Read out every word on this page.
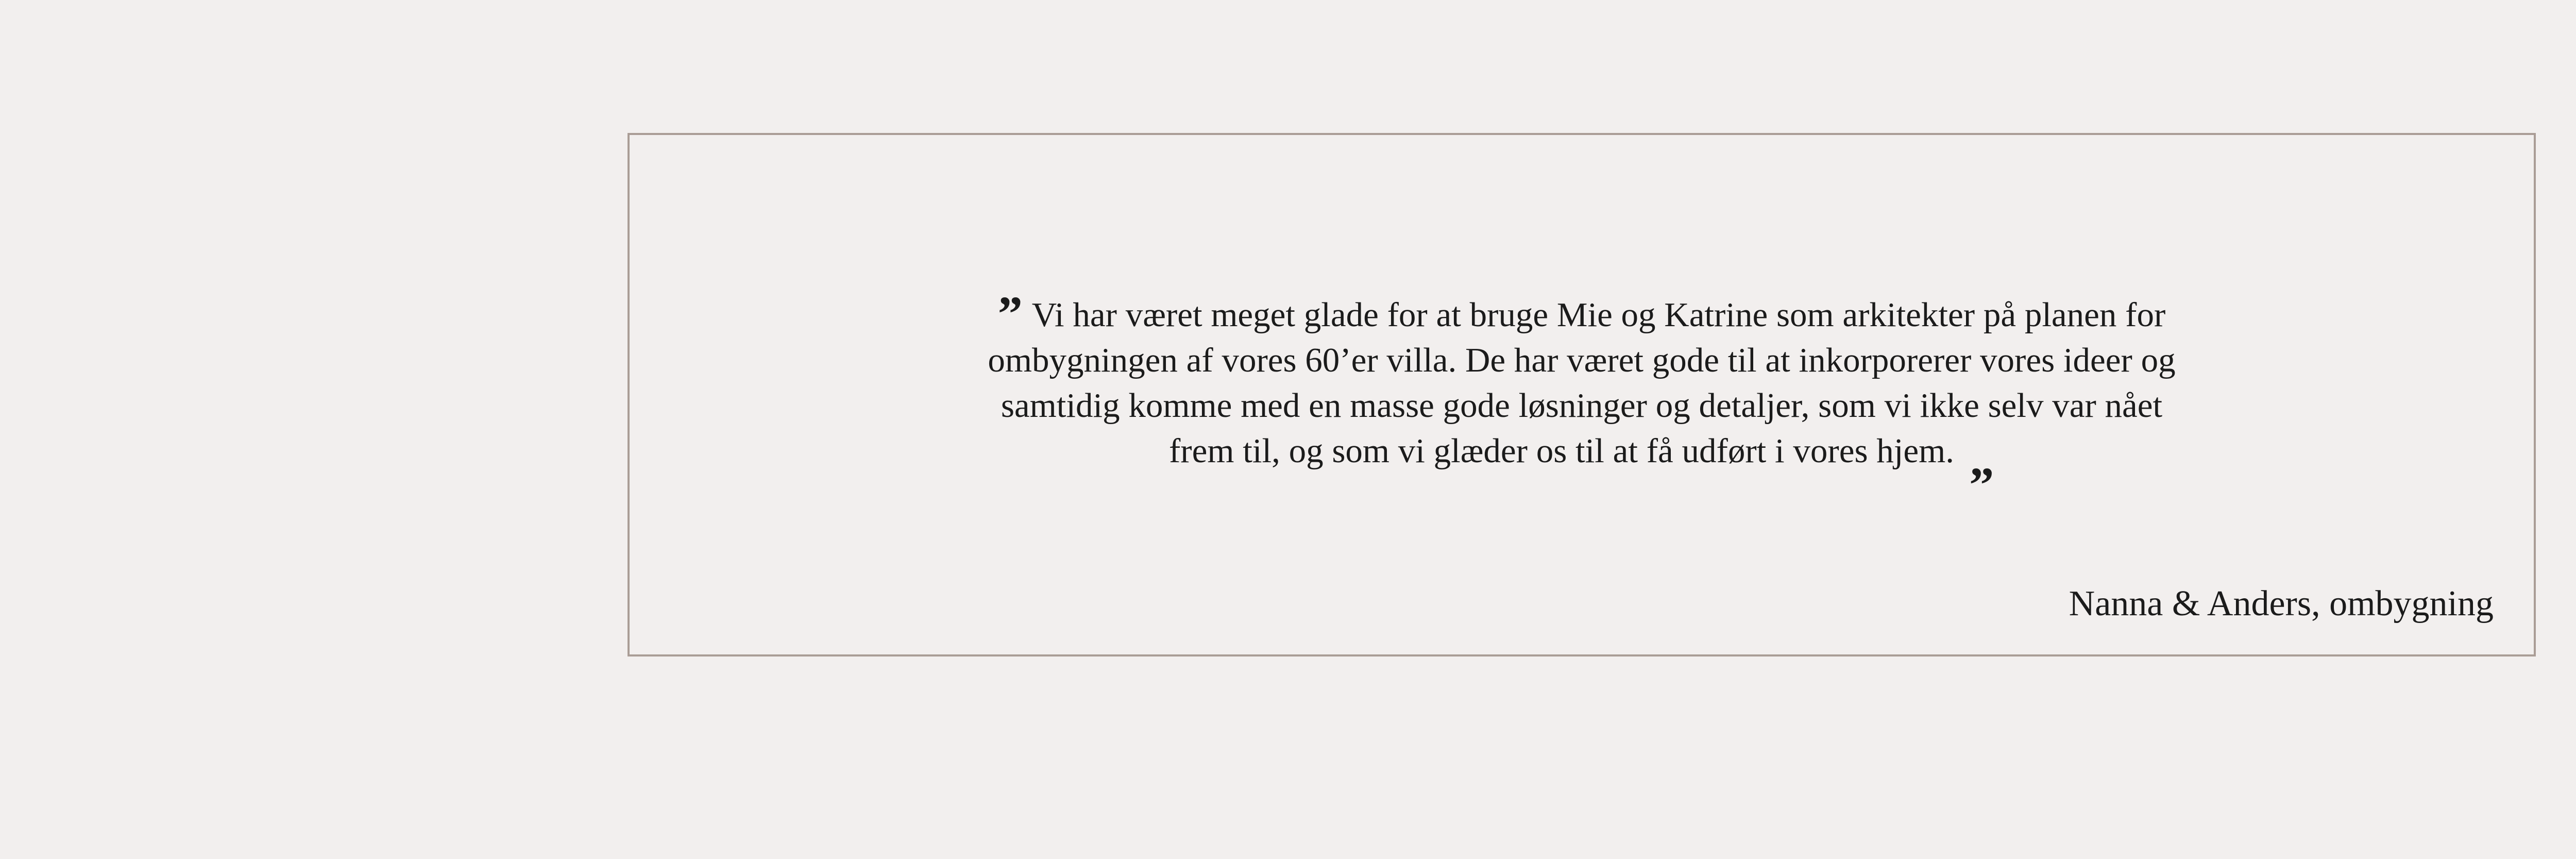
” Vi har været meget glade for at bruge Mie og Katrine som arkitekter på planen for
ombygningen af vores 60’er villa. De har været gode til at inkorporerer vores ideer og
samtidig komme med en masse gode løsninger og detaljer, som vi ikke selv var nået
frem til, og som vi glæder os til at få udført i vores hjem. „
Nanna & Anders, ombygning
